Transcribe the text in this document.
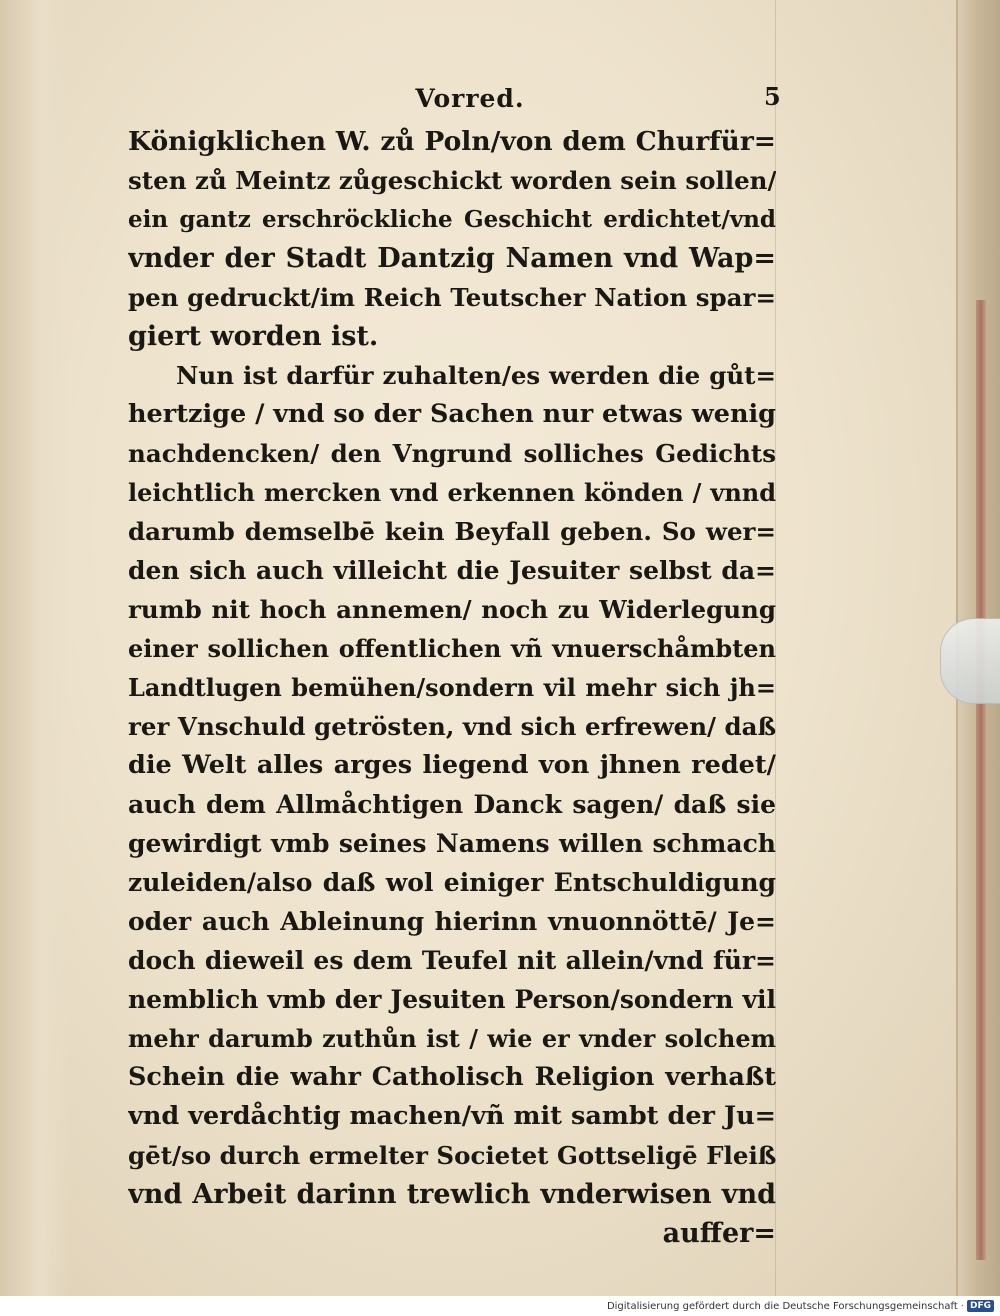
Vorred.	5
Königklichen W. zů Poln/von dem Churfür=
sten zů Meintz zůgeschickt worden sein sollen/
ein gantz erschröckliche Geschicht erdichtet/vnd
vnder der Stadt Dantzig Namen vnd Wap=
pen gedruckt/im Reich Teutscher Nation spar=
giert worden ist.
Nun ist darfür zuhalten/es werden die gůt=
hertzige / vnd so der Sachen nur etwas wenig
nachdencken/ den Vngrund solliches Gedichts
leichtlich mercken vnd erkennen könden / vnnd
darumb demselbē kein Beyfall geben. So wer=
den sich auch villeicht die Jesuiter selbst da=
rumb nit hoch annemen/ noch zu Widerlegung
einer sollichen offentlichen vñ vnuerschåmbten
Landtlugen bemühen/sondern vil mehr sich jh=
rer Vnschuld getrösten, vnd sich erfrewen/ daß
die Welt alles arges liegend von jhnen redet/
auch dem Allmåchtigen Danck sagen/ daß sie
gewirdigt vmb seines Namens willen schmach
zuleiden/also daß wol einiger Entschuldigung
oder auch Ableinung hierinn vnuonnöttē/ Je=
doch dieweil es dem Teufel nit allein/vnd für=
nemblich vmb der Jesuiten Person/sondern vil
mehr darumb zuthůn ist / wie er vnder solchem
Schein die wahr Catholisch Religion verhaßt
vnd verdåchtig machen/vñ mit sambt der Ju=
gēt/so durch ermelter Societet Gottseligē Fleiß
vnd Arbeit darinn trewlich vnderwisen vnd
auffer=
Digitalisierung gefördert durch die Deutsche Forschungsgemeinschaft · DFG
